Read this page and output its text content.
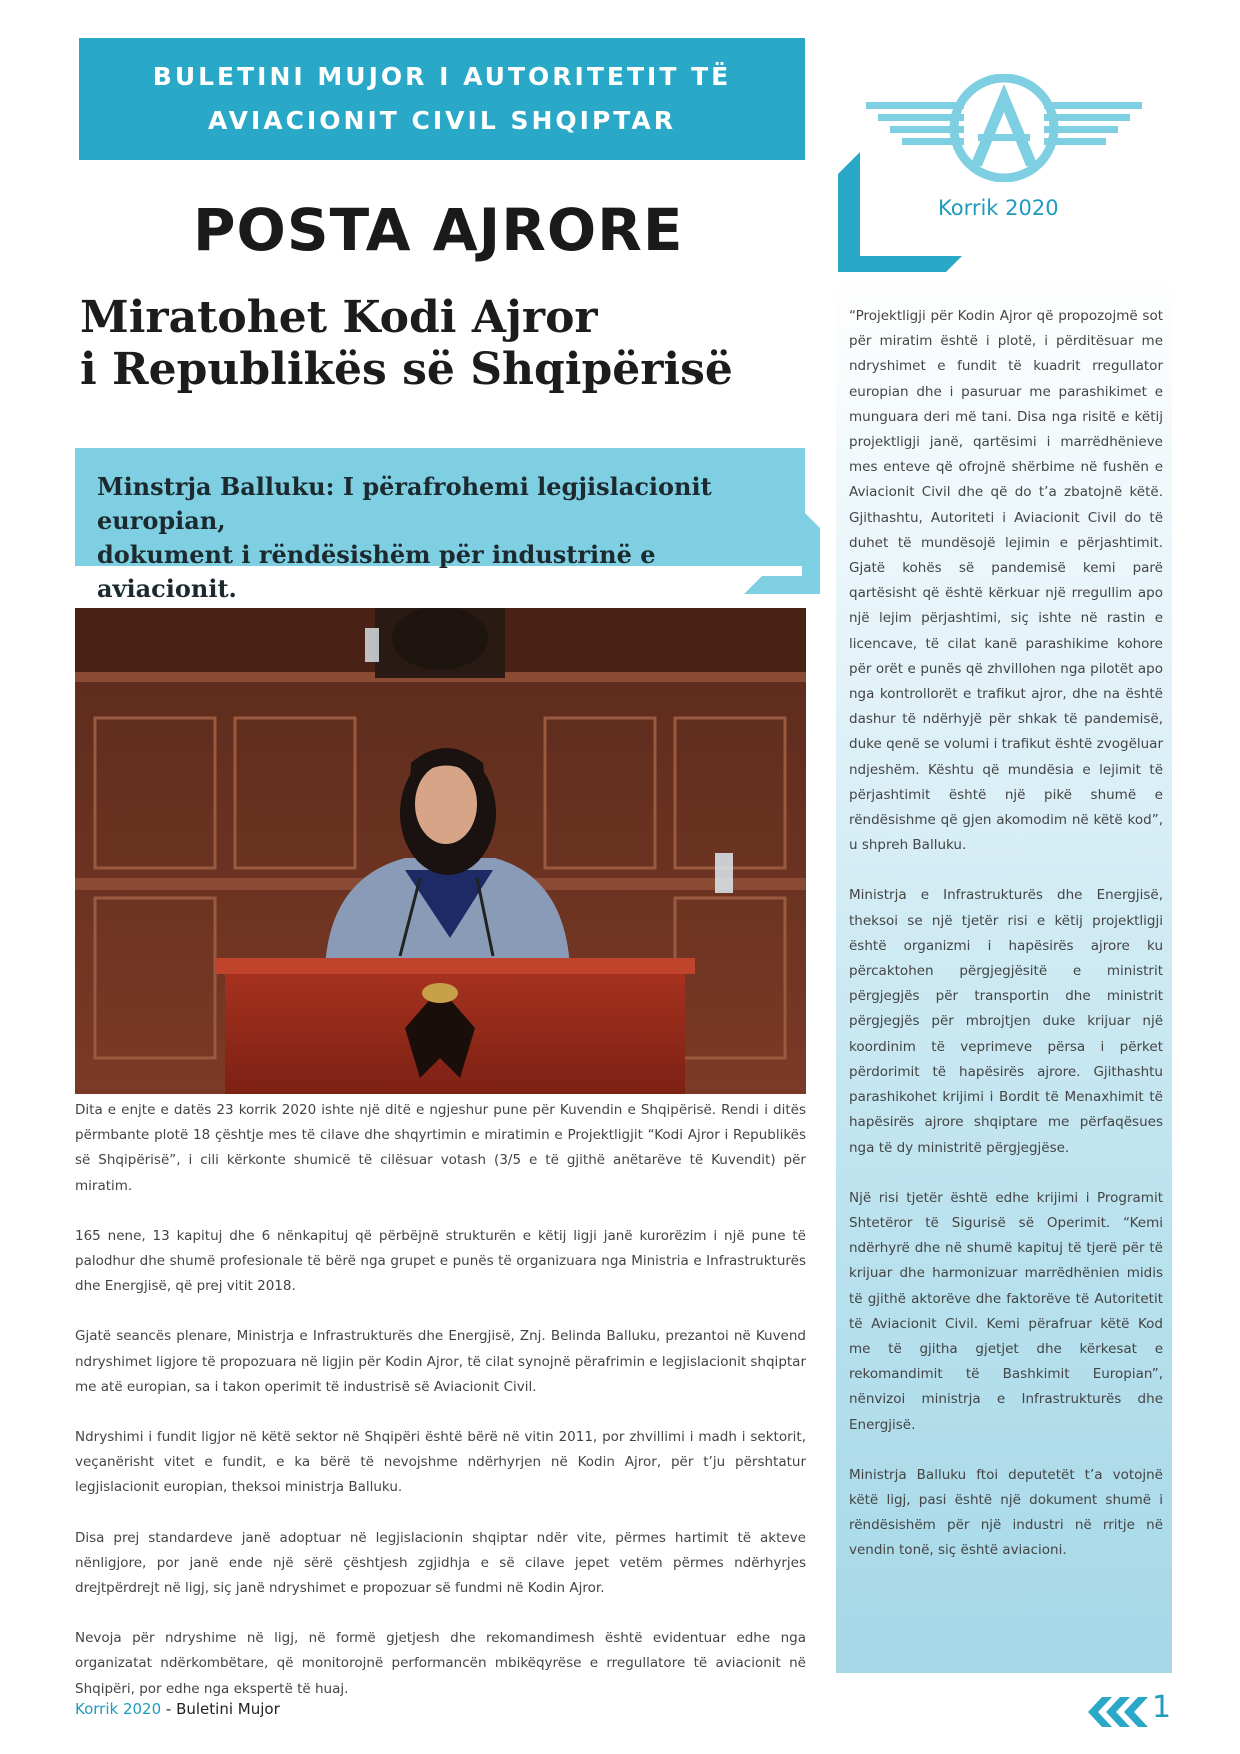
BULETINI MUJOR I AUTORITETIT TË
AVIACIONIT CIVIL SHQIPTAR
Korrik 2020
POSTA AJRORE
Miratohet Kodi Ajror
i Republikës së Shqipërisë
Minstrja Balluku: I përafrohemi legjislacionit europian,
dokument i rëndësishëm për industrinë e aviacionit.

“Projektligji për Kodin Ajror që propozojmë sot për miratim është i plotë, i përditësuar me ndryshimet e fundit të kuadrit rregullator europian dhe i pasuruar me parashikimet e munguara deri më tani. Disa nga risitë e këtij projektligji janë, qartësimi i marrëdhënieve mes enteve që ofrojnë shërbime në fushën e Aviacionit Civil dhe që do t’a zbatojnë këtë. Gjithashtu, Autoriteti i Aviacionit Civil do të duhet të mundësojë lejimin e përjashtimit. Gjatë kohës së pandemisë kemi parë qartësisht që është kërkuar një rregullim apo një lejim përjashtimi, siç ishte në rastin e licencave, të cilat kanë parashikime kohore për orët e punës që zhvillohen nga pilotët apo nga kontrollorët e trafikut ajror, dhe na është dashur të ndërhyjë për shkak të pandemisë, duke qenë se volumi i trafikut është zvogëluar ndjeshëm. Kështu që mundësia e lejimit të përjashtimit është një pikë shumë e rëndësishme që gjen akomodim në këtë kod”, u shpreh Balluku.

Ministrja e Infrastrukturës dhe Energjisë, theksoi se një tjetër risi e këtij projektligji është organizmi i hapësirës ajrore ku përcaktohen përgjegjësitë e ministrit përgjegjës për transportin dhe ministrit përgjegjës për mbrojtjen duke krijuar një koordinim të veprimeve përsa i përket përdorimit të hapësirës ajrore. Gjithashtu parashikohet krijimi i Bordit të Menaxhimit të hapësirës ajrore shqiptare me përfaqësues nga të dy ministritë përgjegjëse.

Një risi tjetër është edhe krijimi i Programit Shtetëror të Sigurisë së Operimit. “Kemi ndërhyrë dhe në shumë kapituj të tjerë për të krijuar dhe harmonizuar marrëdhënien midis të gjithë aktorëve dhe faktorëve të Autoritetit të Aviacionit Civil. Kemi përafruar këtë Kod me të gjitha gjetjet dhe kërkesat e rekomandimit të Bashkimit Europian”, nënvizoi ministrja e Infrastrukturës dhe Energjisë.

Ministrja Balluku ftoi deputetët t’a votojnë këtë ligj, pasi është një dokument shumë i rëndësishëm për një industri në rritje në vendin tonë, siç është aviacioni.

Dita e enjte e datës 23 korrik 2020 ishte një ditë e ngjeshur pune për Kuvendin e Shqipërisë. Rendi i ditës përmbante plotë 18 çështje mes të cilave dhe shqyrtimin e miratimin e Projektligjit “Kodi Ajror i Republikës së Shqipërisë”, i cili kërkonte shumicë të cilësuar votash (3/5 e të gjithë anëtarëve të Kuvendit) për miratim.

165 nene, 13 kapituj dhe 6 nënkapituj që përbëjnë strukturën e këtij ligji janë kurorëzim i një pune të palodhur dhe shumë profesionale të bërë nga grupet e punës të organizuara nga Ministria e Infrastrukturës dhe Energjisë, që prej vitit 2018.

Gjatë seancës plenare, Ministrja e Infrastrukturës dhe Energjisë, Znj. Belinda Balluku, prezantoi në Kuvend ndryshimet ligjore të propozuara në ligjin për Kodin Ajror, të cilat synojnë përafrimin e legjislacionit shqiptar me atë europian, sa i takon operimit të industrisë së Aviacionit Civil.

Ndryshimi i fundit ligjor në këtë sektor në Shqipëri është bërë në vitin 2011, por zhvillimi i madh i sektorit, veçanërisht vitet e fundit, e ka bërë të nevojshme ndërhyrjen në Kodin Ajror, për t’ju përshtatur legjislacionit europian, theksoi ministrja Balluku.

Disa prej standardeve janë adoptuar në legjislacionin shqiptar ndër vite, përmes hartimit të akteve nënligjore, por janë ende një sërë çështjesh zgjidhja e së cilave jepet vetëm përmes ndërhyrjes drejtpërdrejt në ligj, siç janë ndryshimet e propozuar së fundmi në Kodin Ajror.

Nevoja për ndryshime në ligj, në formë gjetjesh dhe rekomandimesh është evidentuar edhe nga organizatat ndërkombëtare, që monitorojnë performancën mbikëqyrëse e rregullatore të aviacionit në Shqipëri, por edhe nga ekspertë të huaj.

Korrik 2020 - Buletini Mujor	1
